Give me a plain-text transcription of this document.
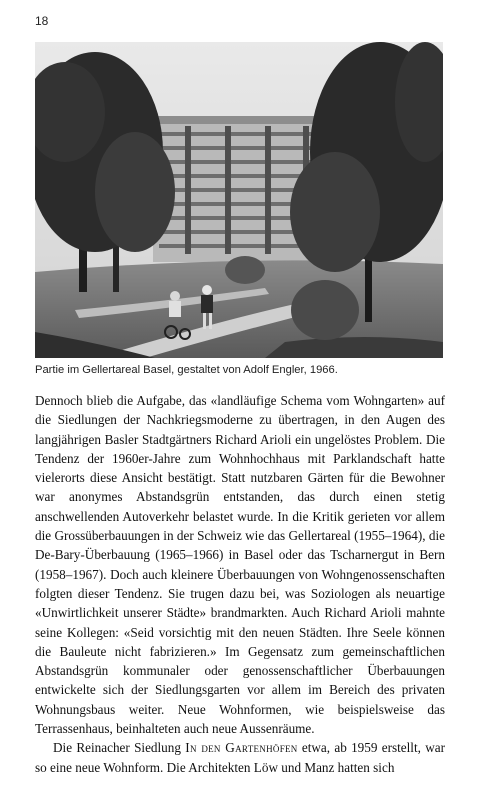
18
Partie im Gellertareal Basel, gestaltet von Adolf Engler, 1966.

Dennoch blieb die Aufgabe, das «landläufige Schema vom Wohngarten» auf die Siedlungen der Nachkriegsmoderne zu übertragen, in den Augen des langjährigen Basler Stadtgärtners Richard Arioli ein ungelöstes Problem. Die Tendenz der 1960er-Jahre zum Wohnhochhaus mit Parklandschaft hatte vielerorts diese Ansicht bestätigt. Statt nutzbaren Gärten für die Bewohner war anonymes Abstandsgrün entstanden, das durch einen stetig anschwellenden Autoverkehr belastet wurde. In die Kritik gerieten vor allem die Grossüberbauungen in der Schweiz wie das Gellertareal (1955–1964), die De-Bary-Überbauung (1965–1966) in Basel oder das Tscharnergut in Bern (1958–1967). Doch auch kleinere Überbauungen von Wohngenossenschaften folgten dieser Tendenz. Sie trugen dazu bei, was Soziologen als neuartige «Unwirtlichkeit unserer Städte» brandmarkten. Auch Richard Arioli mahnte seine Kollegen: «Seid vorsichtig mit den neuen Städten. Ihre Seele können die Bauleute nicht fabrizieren.» Im Gegensatz zum gemeinschaftlichen Abstandsgrün kommunaler oder genossenschaftlicher Überbauungen entwickelte sich der Siedlungsgarten vor allem im Bereich des privaten Wohnungsbaus weiter. Neue Wohnformen, wie beispielsweise das Terrassenhaus, beinhalteten auch neue Aussenräume.

Die Reinacher Siedlung In den Gartenhöfen etwa, ab 1959 erstellt, war so eine neue Wohnform. Die Architekten Löw und Manz hatten sich
